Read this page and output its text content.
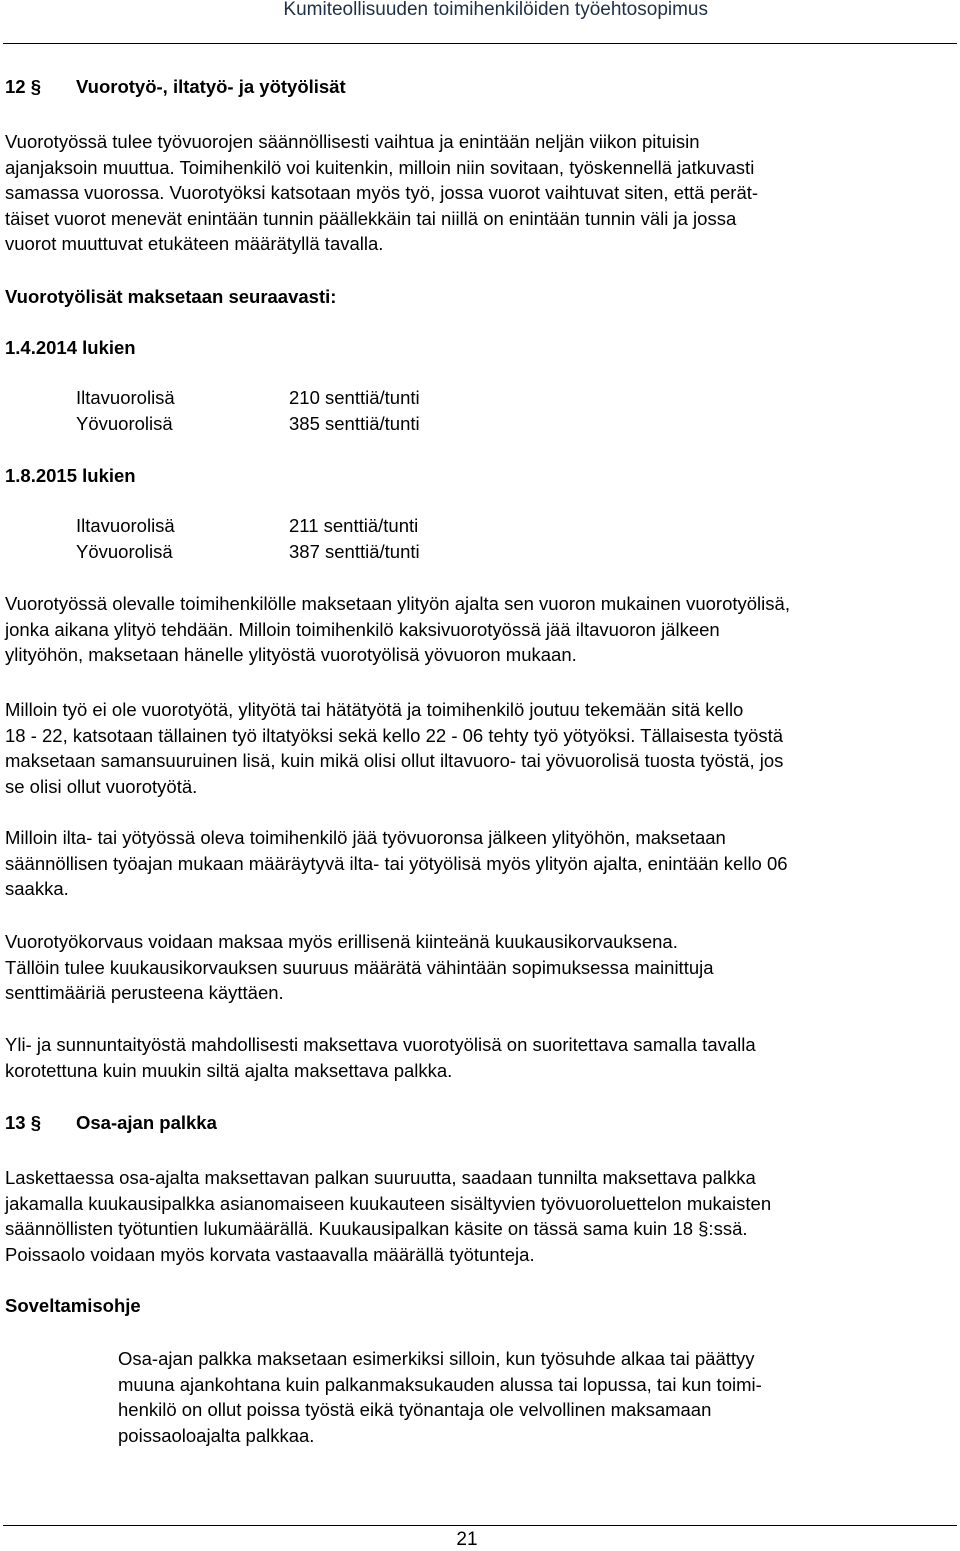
Kumiteollisuuden toimihenkilöiden työehtosopimus
12 § Vuorotyö-, iltatyö- ja yötyölisät
Vuorotyössä tulee työvuorojen säännöllisesti vaihtua ja enintään neljän viikon pituisin
ajanjaksoin muuttua. Toimihenkilö voi kuitenkin, milloin niin sovitaan, työskennellä jatkuvasti
samassa vuorossa. Vuorotyöksi katsotaan myös työ, jossa vuorot vaihtuvat siten, että perät-
täiset vuorot menevät enintään tunnin päällekkäin tai niillä on enintään tunnin väli ja jossa
vuorot muuttuvat etukäteen määrätyllä tavalla.
Vuorotyölisät maksetaan seuraavasti:
1.4.2014 lukien
Iltavuorolisä	210 senttiä/tunti
Yövuorolisä	385 senttiä/tunti
1.8.2015 lukien
Iltavuorolisä	211 senttiä/tunti
Yövuorolisä	387 senttiä/tunti
Vuorotyössä olevalle toimihenkilölle maksetaan ylityön ajalta sen vuoron mukainen vuorotyölisä,
jonka aikana ylityö tehdään. Milloin toimihenkilö kaksivuorotyössä jää iltavuoron jälkeen
ylityöhön, maksetaan hänelle ylityöstä vuorotyölisä yövuoron mukaan.
Milloin työ ei ole vuorotyötä, ylityötä tai hätätyötä ja toimihenkilö joutuu tekemään sitä kello
18 - 22, katsotaan tällainen työ iltatyöksi sekä kello 22 - 06 tehty työ yötyöksi. Tällaisesta työstä
maksetaan samansuuruinen lisä, kuin mikä olisi ollut iltavuoro- tai yövuorolisä tuosta työstä, jos
se olisi ollut vuorotyötä.
Milloin ilta- tai yötyössä oleva toimihenkilö jää työvuoronsa jälkeen ylityöhön, maksetaan
säännöllisen työajan mukaan määräytyvä ilta- tai yötyölisä myös ylityön ajalta, enintään kello 06
saakka.
Vuorotyökorvaus voidaan maksaa myös erillisenä kiinteänä kuukausikorvauksena.
Tällöin tulee kuukausikorvauksen suuruus määrätä vähintään sopimuksessa mainittuja
senttimääriä perusteena käyttäen.
Yli- ja sunnuntaityöstä mahdollisesti maksettava vuorotyölisä on suoritettava samalla tavalla
korotettuna kuin muukin siltä ajalta maksettava palkka.
13 § Osa-ajan palkka
Laskettaessa osa-ajalta maksettavan palkan suuruutta, saadaan tunnilta maksettava palkka
jakamalla kuukausipalkka asianomaiseen kuukauteen sisältyvien työvuoroluettelon mukaisten
säännöllisten työtuntien lukumäärällä. Kuukausipalkan käsite on tässä sama kuin 18 §:ssä.
Poissaolo voidaan myös korvata vastaavalla määrällä työtunteja.
Soveltamisohje
Osa-ajan palkka maksetaan esimerkiksi silloin, kun työsuhde alkaa tai päättyy
muuna ajankohtana kuin palkanmaksukauden alussa tai lopussa, tai kun toimi-
henkilö on ollut poissa työstä eikä työnantaja ole velvollinen maksamaan
poissaoloajalta palkkaa.
21
